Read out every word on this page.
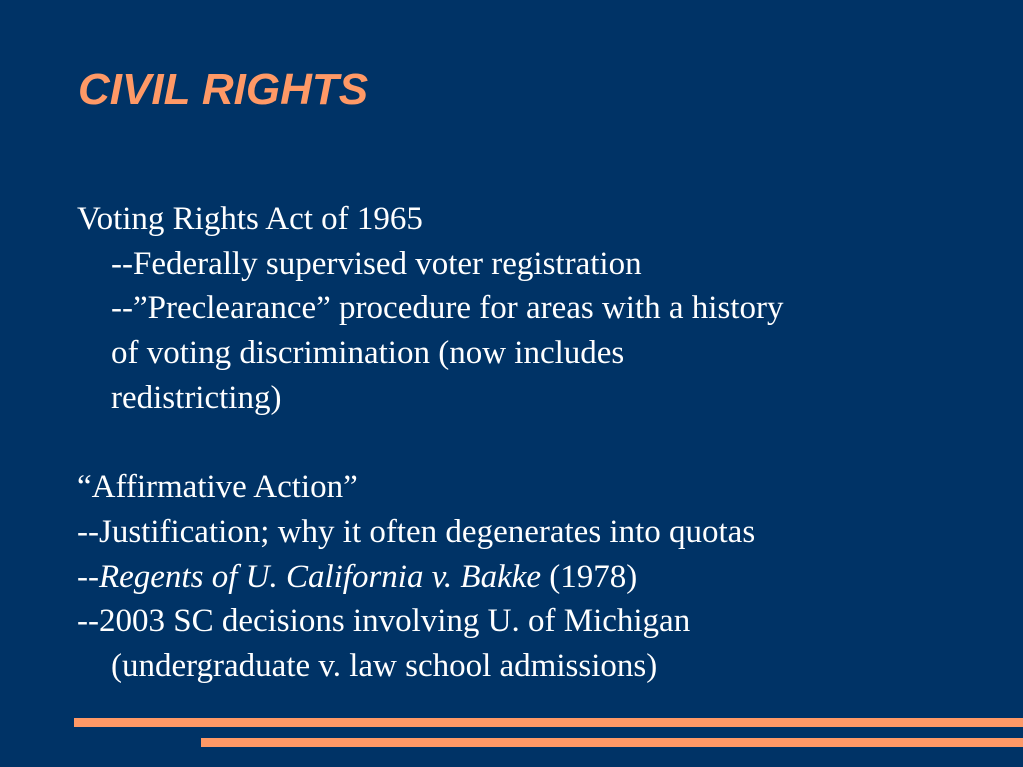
CIVIL RIGHTS
Voting Rights Act of 1965
--Federally supervised voter registration
--”Preclearance” procedure for areas with a history
of voting discrimination (now includes
redistricting)
“Affirmative Action”
--Justification; why it often degenerates into quotas
--Regents of U. California v. Bakke (1978)
--2003 SC decisions involving U. of Michigan
(undergraduate v. law school admissions)
